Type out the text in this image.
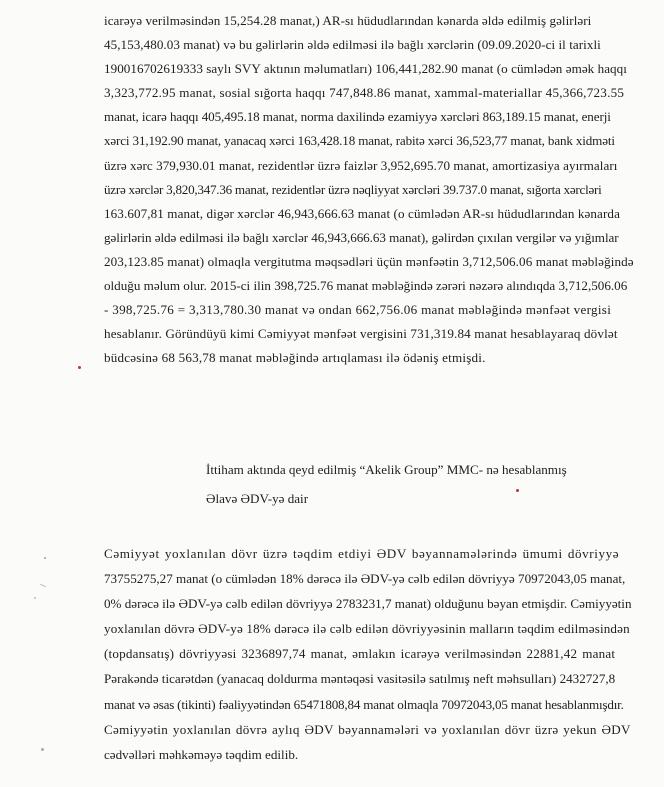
icarəyə verilməsindən 15,254.28 manat,) AR-sı hüdudlarından kənarda əldə edilmiş gəlirləri
45,153,480.03 manat) və bu gəlirlərin əldə edilməsi ilə bağlı xərclərin (09.09.2020-ci il tarixli
190016702619333 saylı SVY aktının məlumatları) 106,441,282.90 manat (o cümlədən əmək haqqı
3,323,772.95 manat, sosial sığorta haqqı 747,848.86 manat, xammal-materiallar 45,366,723.55
manat, icarə haqqı 405,495.18 manat, norma daxilində ezamiyyə xərcləri 863,189.15 manat, enerji
xərci 31,192.90 manat, yanacaq xərci 163,428.18 manat, rabitə xərci 36,523,77 manat, bank xidməti
üzrə xərc 379,930.01 manat, rezidentlər üzrə faizlər 3,952,695.70 manat, amortizasiya ayırmaları
üzrə xərclər 3,820,347.36 manat, rezidentlər üzrə nəqliyyat xərcləri 39.737.0 manat, sığorta xərcləri
163.607,81 manat, digər xərclər 46,943,666.63 manat (o cümlədən AR-sı hüdudlarından kənarda
gəlirlərin əldə edilməsi ilə bağlı xərclər 46,943,666.63 manat), gəlirdən çıxılan vergilər və yığımlar
203,123.85 manat) olmaqla vergitutma məqsədləri üçün mənfəətin 3,712,506.06 manat məbləğində
olduğu məlum olur. 2015-ci ilin 398,725.76 manat məbləğində zərəri nəzərə alındıqda 3,712,506.06
- 398,725.76 = 3,313,780.30 manat və ondan 662,756.06 manat məbləğində mənfəət vergisi
hesablanır. Göründüyü kimi Cəmiyyət mənfəət vergisini 731,319.84 manat hesablayaraq dövlət
büdcəsinə 68 563,78 manat məbləğində artıqlaması ilə ödəniş etmişdi.
İttiham aktında qeyd edilmiş “Akelik Group” MMC- nə hesablanmış
Əlavə ƏDV-yə dair
Cəmiyyət yoxlanılan dövr üzrə təqdim etdiyi ƏDV bəyannamələrində ümumi dövriyyə
73755275,27 manat (o cümlədən 18% dərəcə ilə ƏDV-yə cəlb edilən dövriyyə 70972043,05 manat,
0% dərəcə ilə ƏDV-yə cəlb edilən dövriyyə 2783231,7 manat) olduğunu bəyan etmişdir. Cəmiyyətin
yoxlanılan dövrə ƏDV-yə 18% dərəcə ilə cəlb edilən dövriyyəsinin malların təqdim edilməsindən
(topdansatış) dövriyyəsi 3236897,74 manat, əmlakın icarəyə verilməsindən 22881,42 manat
Pərakəndə ticarətdən (yanacaq doldurma məntəqəsi vasitəsilə satılmış neft məhsulları) 2432727,8
manat və əsas (tikinti) fəaliyyətindən 65471808,84 manat olmaqla 70972043,05 manat hesablanmışdır.
Cəmiyyətin yoxlanılan dövrə aylıq ƏDV bəyannamələri və yoxlanılan dövr üzrə yekun ƏDV
cədvəlləri məhkəməyə təqdim edilib.
